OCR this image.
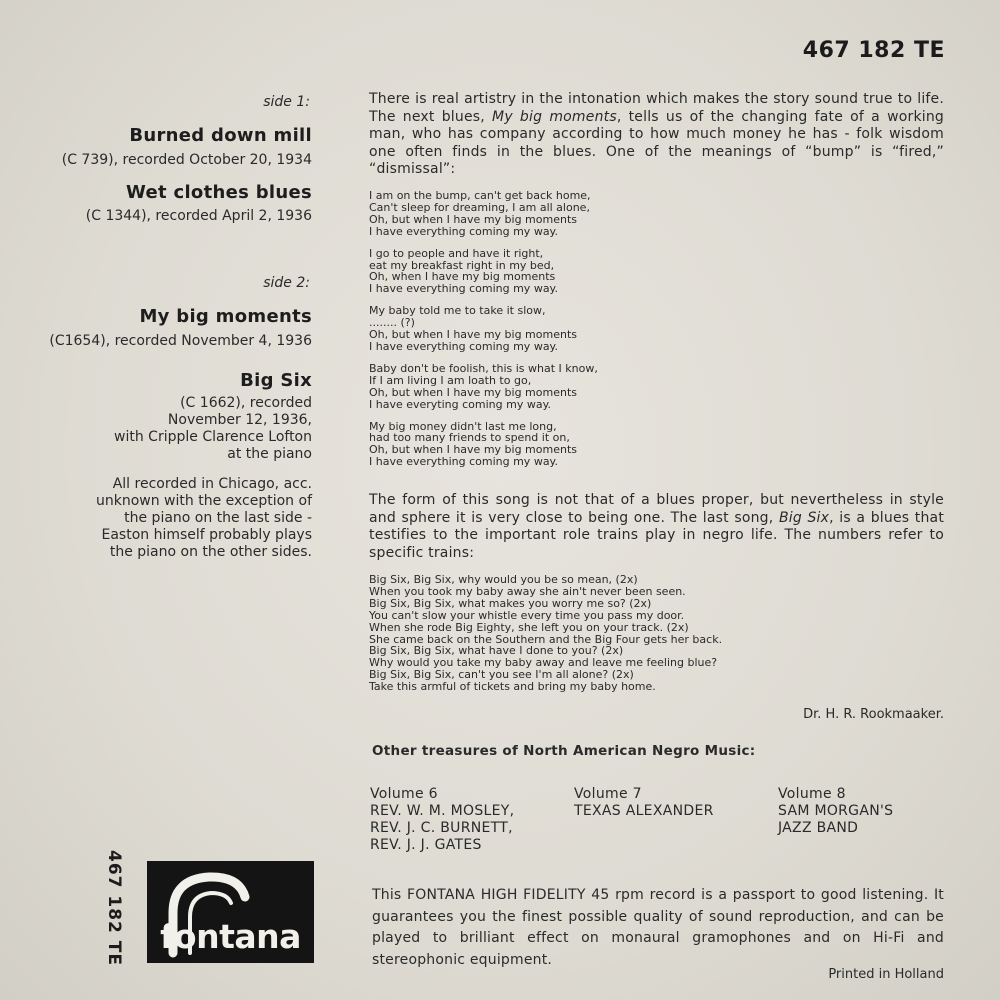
467 182 TE

side 1:

Burned down mill

(C 739), recorded October 20, 1934

Wet clothes blues

(C 1344), recorded April 2, 1936

side 2:

My big moments

(C1654), recorded November 4, 1936

Big Six

(C 1662), recorded

November 12, 1936,

with Cripple Clarence Lofton

at the piano

All recorded in Chicago, acc.

unknown with the exception of

the piano on the last side -

Easton himself probably plays

the piano on the other sides.

There is real artistry in the intonation which makes the story sound true to life. The next blues, My big moments, tells us of the changing fate of a working man, who has company according to how much money he has - folk wisdom one often finds in the blues. One of the meanings of “bump” is “fired,” “dismissal”:

I am on the bump, can't get back home,
Can't sleep for dreaming, I am all alone,
Oh, but when I have my big moments
I have everything coming my way.
I go to people and have it right,
eat my breakfast right in my bed,
Oh, when I have my big moments
I have everything coming my way.
My baby told me to take it slow,
........ (?)
Oh, but when I have my big moments
I have everything coming my way.
Baby don't be foolish, this is what I know,
If I am living I am loath to go,
Oh, but when I have my big moments
I have everyting coming my way.
My big money didn't last me long,
had too many friends to spend it on,
Oh, but when I have my big moments
I have everything coming my way.

The form of this song is not that of a blues proper, but nevertheless in style and sphere it is very close to being one. The last song, Big Six, is a blues that testifies to the important role trains play in negro life. The numbers refer to specific trains:

Big Six, Big Six, why would you be so mean, (2x)
When you took my baby away she ain't never been seen.
Big Six, Big Six, what makes you worry me so? (2x)
You can't slow your whistle every time you pass my door.
When she rode Big Eighty, she left you on your track. (2x)
She came back on the Southern and the Big Four gets her back.
Big Six, Big Six, what have I done to you? (2x)
Why would you take my baby away and leave me feeling blue?
Big Six, Big Six, can't you see I'm all alone? (2x)
Take this armful of tickets and bring my baby home.
Dr. H. R. Rookmaaker.
Other treasures of North American Negro Music:
Volume 6
REV. W. M. MOSLEY,
REV. J. C. BURNETT,
REV. J. J. GATES
Volume 7
TEXAS ALEXANDER
Volume 8
SAM MORGAN'S
JAZZ BAND
467 182 TE	fontana
This FONTANA HIGH FIDELITY 45 rpm record is a passport to good listening. It guarantees you the finest possible quality of sound reproduction, and can be played to brilliant effect on monaural gramophones and on Hi-Fi and stereophonic equipment.
Printed in Holland
